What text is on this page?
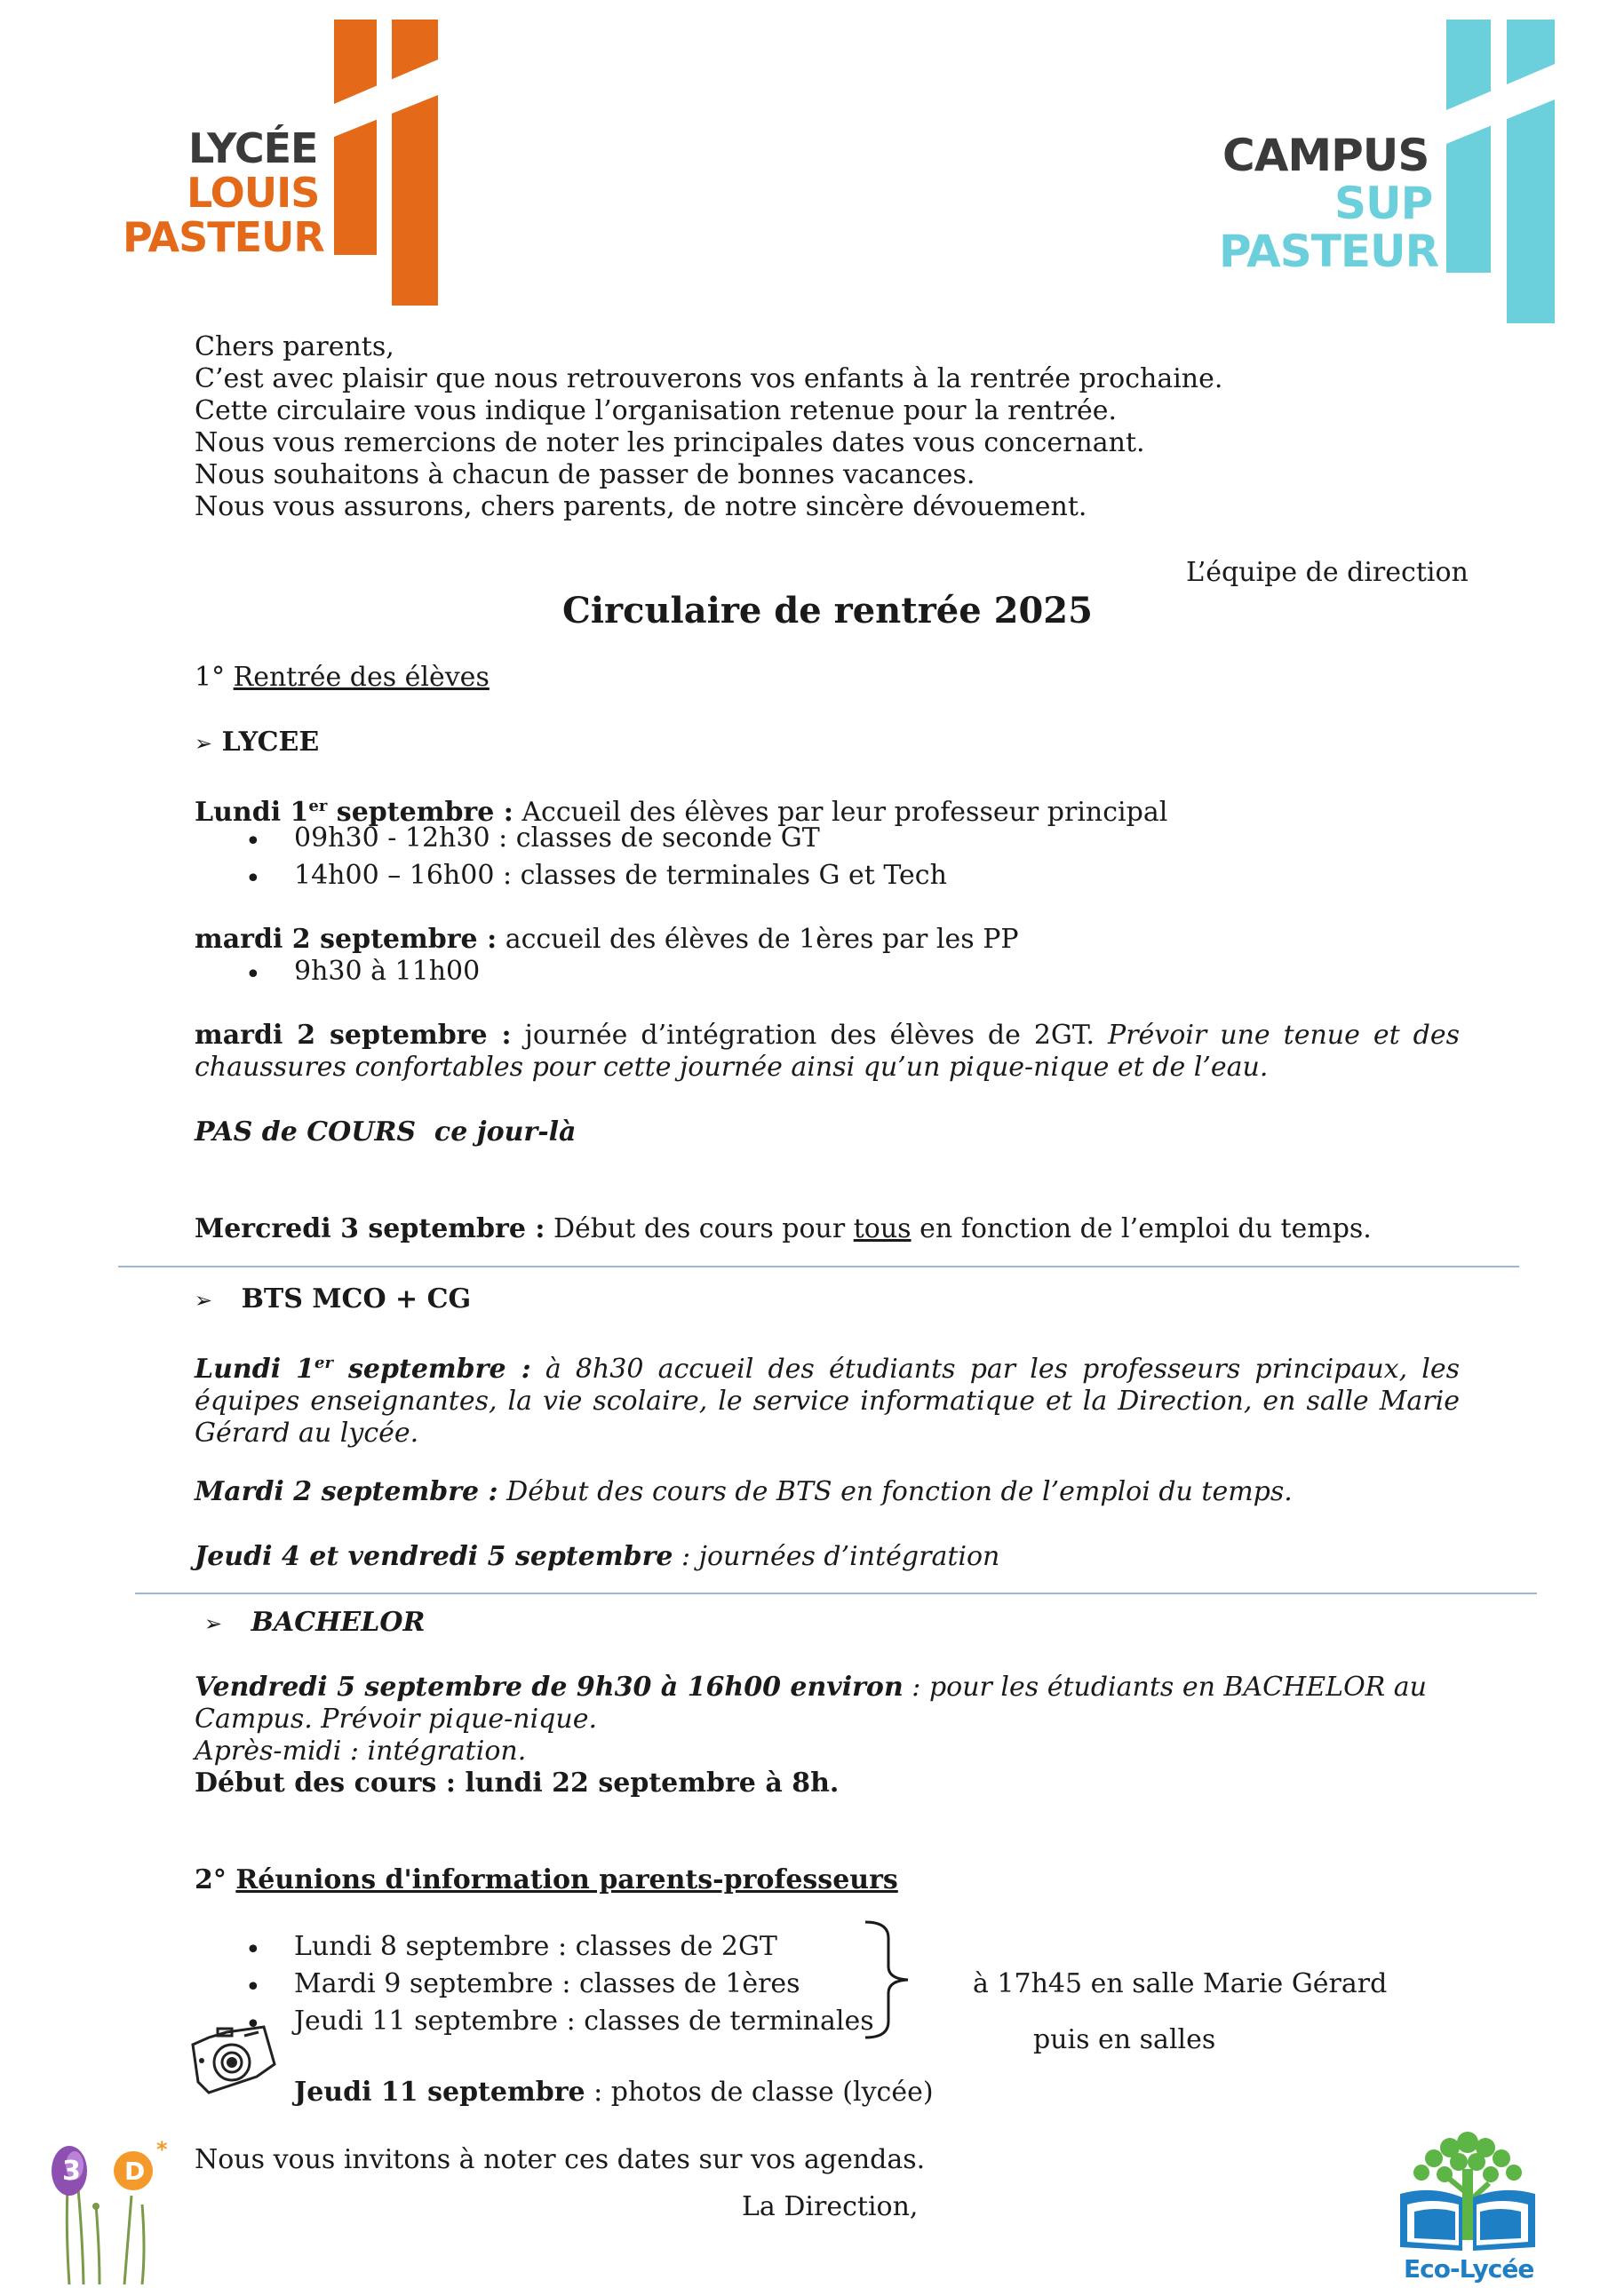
LYCÉE
LOUIS
PASTEUR
CAMPUS
SUP
PASTEUR
Chers parents,
C’est avec plaisir que nous retrouverons vos enfants à la rentrée prochaine.
Cette circulaire vous indique l’organisation retenue pour la rentrée.
Nous vous remercions de noter les principales dates vous concernant.
Nous souhaitons à chacun de passer de bonnes vacances.
Nous vous assurons, chers parents, de notre sincère dévouement.
L’équipe de direction
Circulaire de rentrée 2025
1° Rentrée des élèves
➢ LYCEE
Lundi 1er septembre : Accueil des élèves par leur professeur principal
• 09h30 - 12h30 : classes de seconde GT
• 14h00 – 16h00 : classes de terminales G et Tech
mardi 2 septembre : accueil des élèves de 1ères par les PP
• 9h30 à 11h00
mardi 2 septembre : journée d’intégration des élèves de 2GT. Prévoir une tenue et des chaussures confortables pour cette journée ainsi qu’un pique-nique et de l’eau.
PAS de COURS  ce jour-là
Mercredi 3 septembre : Début des cours pour tous en fonction de l’emploi du temps.
➢ BTS MCO + CG
Lundi 1er septembre : à 8h30 accueil des étudiants par les professeurs principaux, les équipes enseignantes, la vie scolaire, le service informatique et la Direction, en salle Marie Gérard au lycée.
Mardi 2 septembre : Début des cours de BTS en fonction de l’emploi du temps.
Jeudi 4 et vendredi 5 septembre : journées d’intégration
➢ BACHELOR
Vendredi 5 septembre de 9h30 à 16h00 environ : pour les étudiants en BACHELOR au Campus. Prévoir pique-nique.
Après-midi : intégration.
Début des cours : lundi 22 septembre à 8h.
2° Réunions d'information parents-professeurs
• Lundi 8 septembre : classes de 2GT
• Mardi 9 septembre : classes de 1ères
• Jeudi 11 septembre : classes de terminales
à 17h45 en salle Marie Gérard
puis en salles
Jeudi 11 septembre : photos de classe (lycée)
Nous vous invitons à noter ces dates sur vos agendas.
La Direction,
3 D
*
Eco-Lycée
